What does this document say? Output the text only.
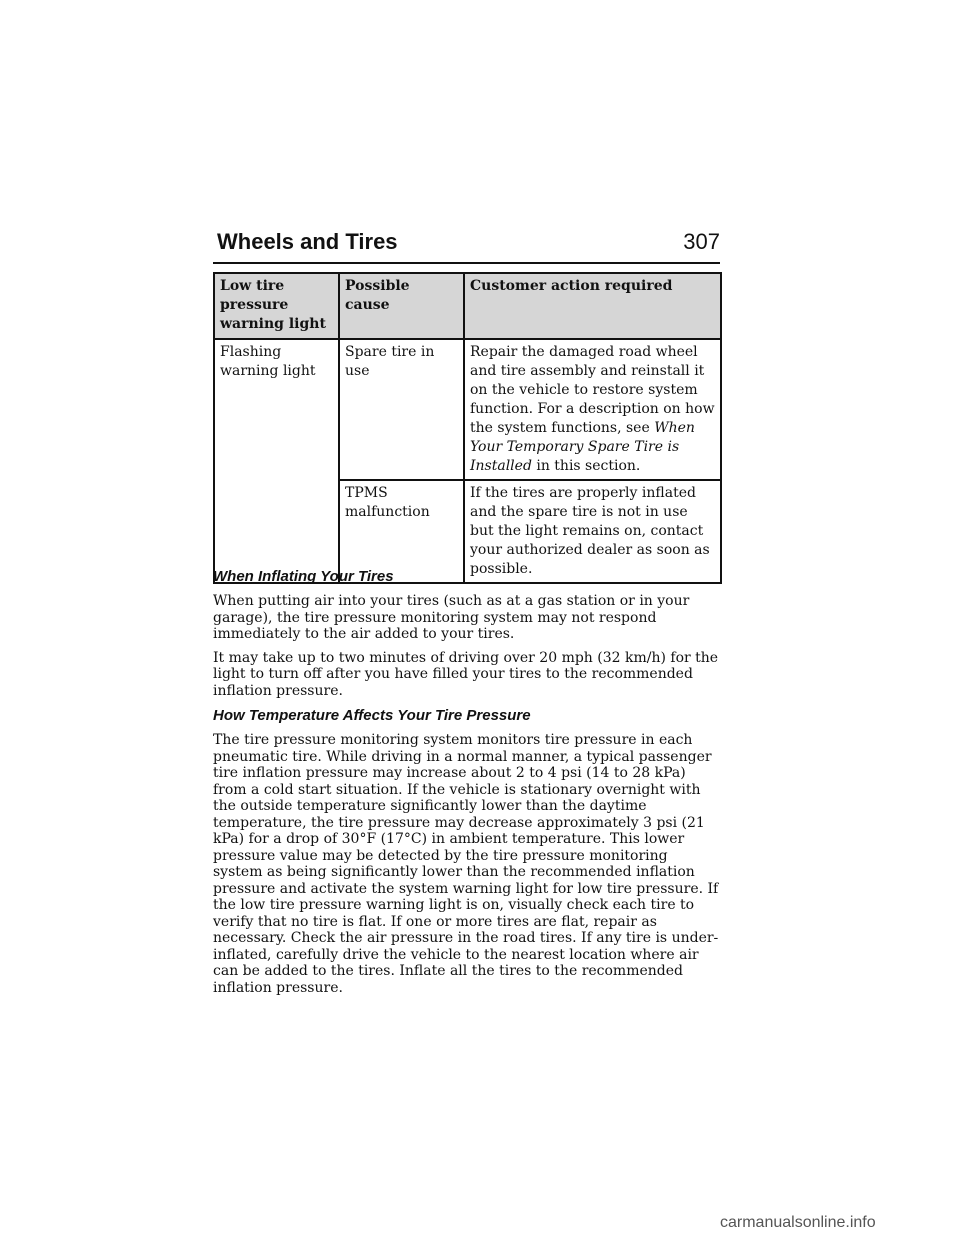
Wheels and Tires	307
Low tire pressure warning light	Possible cause	Customer action required
Flashing warning light	Spare tire in use	Repair the damaged road wheel and tire assembly and reinstall it on the vehicle to restore system function. For a description on how the system functions, see When Your Temporary Spare Tire is Installed in this section.
	TPMS malfunction	If the tires are properly inflated and the spare tire is not in use but the light remains on, contact your authorized dealer as soon as possible.
When Inflating Your Tires

When putting air into your tires (such as at a gas station or in your garage), the tire pressure monitoring system may not respond immediately to the air added to your tires.

It may take up to two minutes of driving over 20 mph (32 km/h) for the light to turn off after you have filled your tires to the recommended inflation pressure.

How Temperature Affects Your Tire Pressure

The tire pressure monitoring system monitors tire pressure in each pneumatic tire. While driving in a normal manner, a typical passenger tire inflation pressure may increase about 2 to 4 psi (14 to 28 kPa) from a cold start situation. If the vehicle is stationary overnight with the outside temperature significantly lower than the daytime temperature, the tire pressure may decrease approximately 3 psi (21 kPa) for a drop of 30°F (17°C) in ambient temperature. This lower pressure value may be detected by the tire pressure monitoring system as being significantly lower than the recommended inflation pressure and activate the system warning light for low tire pressure. If the low tire pressure warning light is on, visually check each tire to verify that no tire is flat. If one or more tires are flat, repair as necessary. Check the air pressure in the road tires. If any tire is under-inflated, carefully drive the vehicle to the nearest location where air can be added to the tires. Inflate all the tires to the recommended inflation pressure.

carmanualsonline.info
